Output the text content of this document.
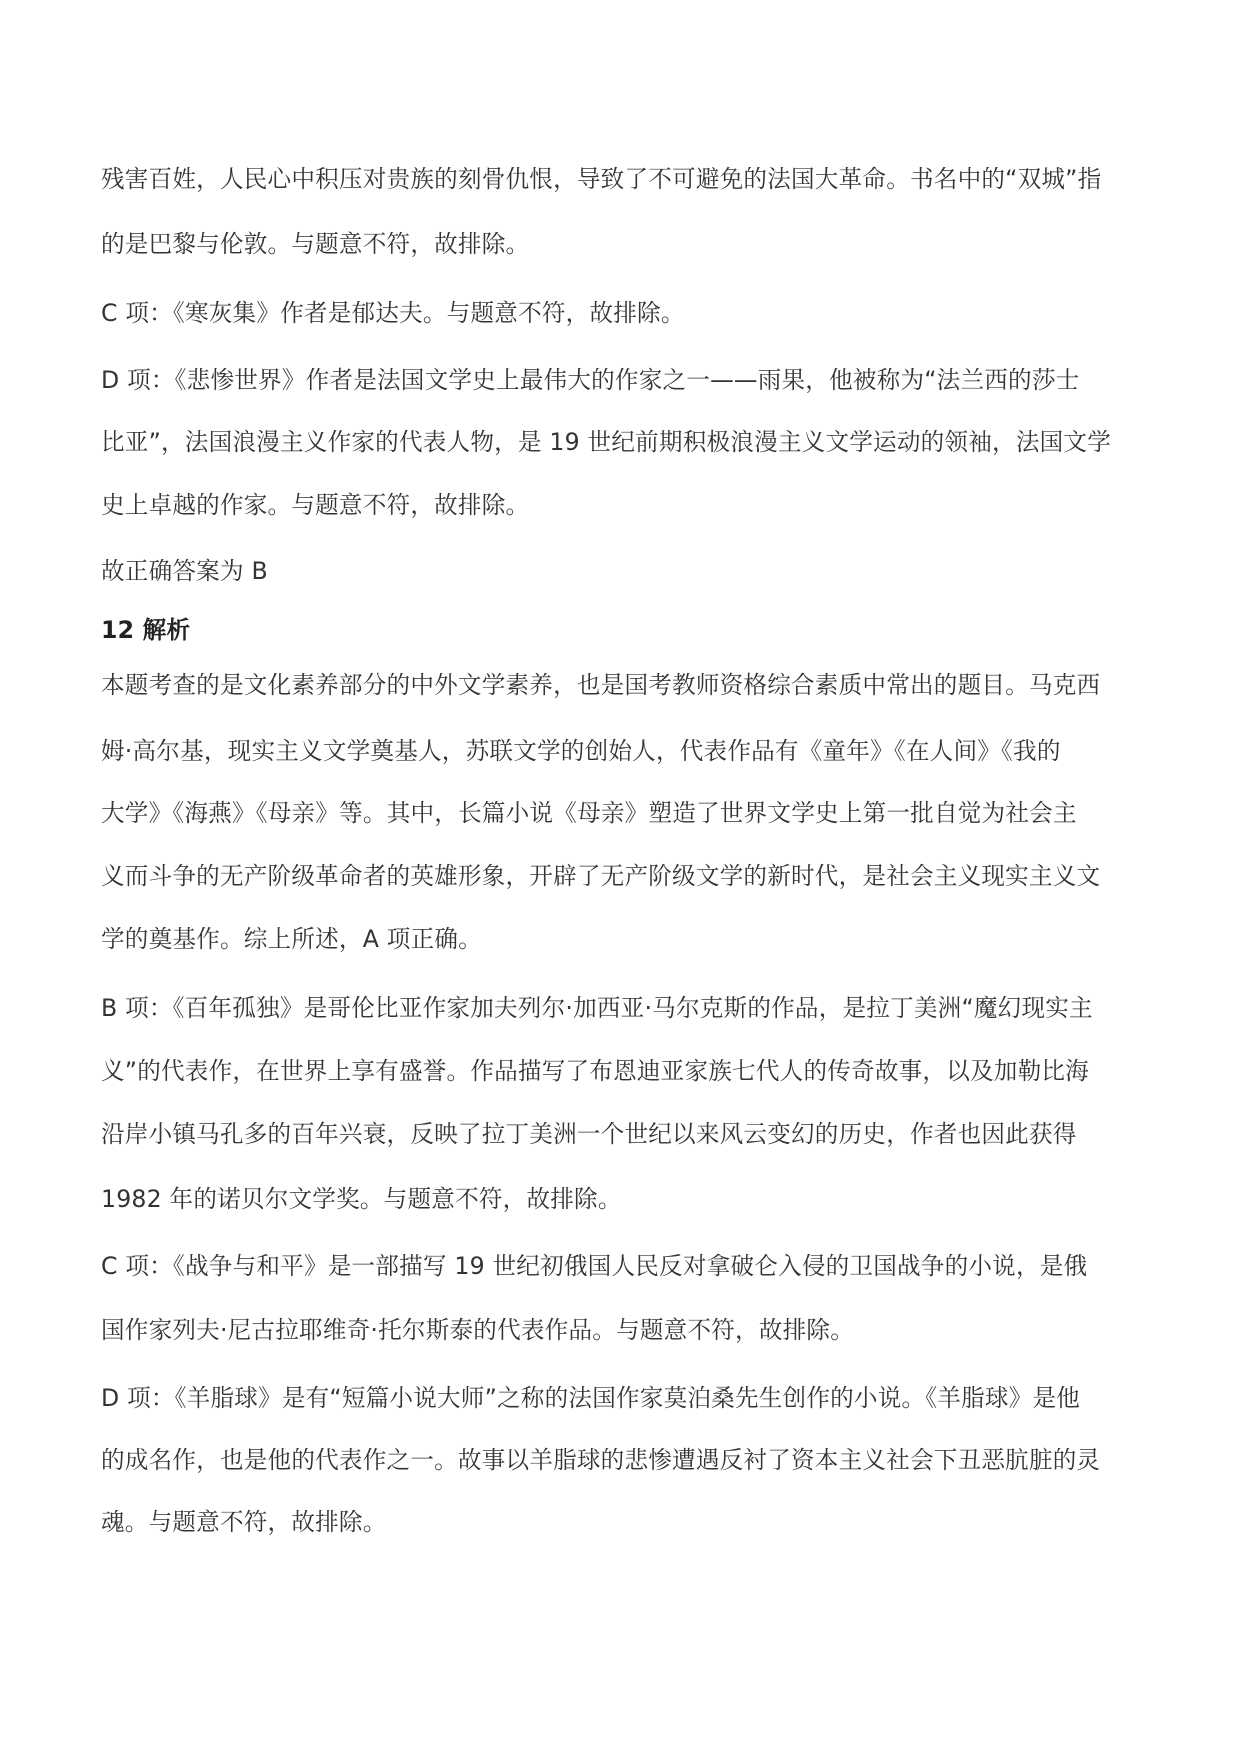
残害百姓，人民心中积压对贵族的刻骨仇恨，导致了不可避免的法国大革命。书名中的“双城”指
的是巴黎与伦敦。与题意不符，故排除。
C 项：《寒灰集》作者是郁达夫。与题意不符，故排除。
D 项：《悲惨世界》作者是法国文学史上最伟大的作家之一——雨果，他被称为“法兰西的莎士
比亚”，法国浪漫主义作家的代表人物，是 19 世纪前期积极浪漫主义文学运动的领袖，法国文学
史上卓越的作家。与题意不符，故排除。
故正确答案为 B
12 解析
本题考查的是文化素养部分的中外文学素养，也是国考教师资格综合素质中常出的题目。马克西
姆·高尔基，现实主义文学奠基人，苏联文学的创始人，代表作品有《童年》《在人间》《我的
大学》《海燕》《母亲》等。其中，长篇小说《母亲》塑造了世界文学史上第一批自觉为社会主
义而斗争的无产阶级革命者的英雄形象，开辟了无产阶级文学的新时代，是社会主义现实主义文
学的奠基作。综上所述，A 项正确。
B 项：《百年孤独》是哥伦比亚作家加夫列尔·加西亚·马尔克斯的作品，是拉丁美洲“魔幻现实主
义”的代表作，在世界上享有盛誉。作品描写了布恩迪亚家族七代人的传奇故事，以及加勒比海
沿岸小镇马孔多的百年兴衰，反映了拉丁美洲一个世纪以来风云变幻的历史，作者也因此获得
1982 年的诺贝尔文学奖。与题意不符，故排除。
C 项：《战争与和平》是一部描写 19 世纪初俄国人民反对拿破仑入侵的卫国战争的小说，是俄
国作家列夫·尼古拉耶维奇·托尔斯泰的代表作品。与题意不符，故排除。
D 项：《羊脂球》是有“短篇小说大师”之称的法国作家莫泊桑先生创作的小说。《羊脂球》是他
的成名作，也是他的代表作之一。故事以羊脂球的悲惨遭遇反衬了资本主义社会下丑恶肮脏的灵
魂。与题意不符，故排除。
